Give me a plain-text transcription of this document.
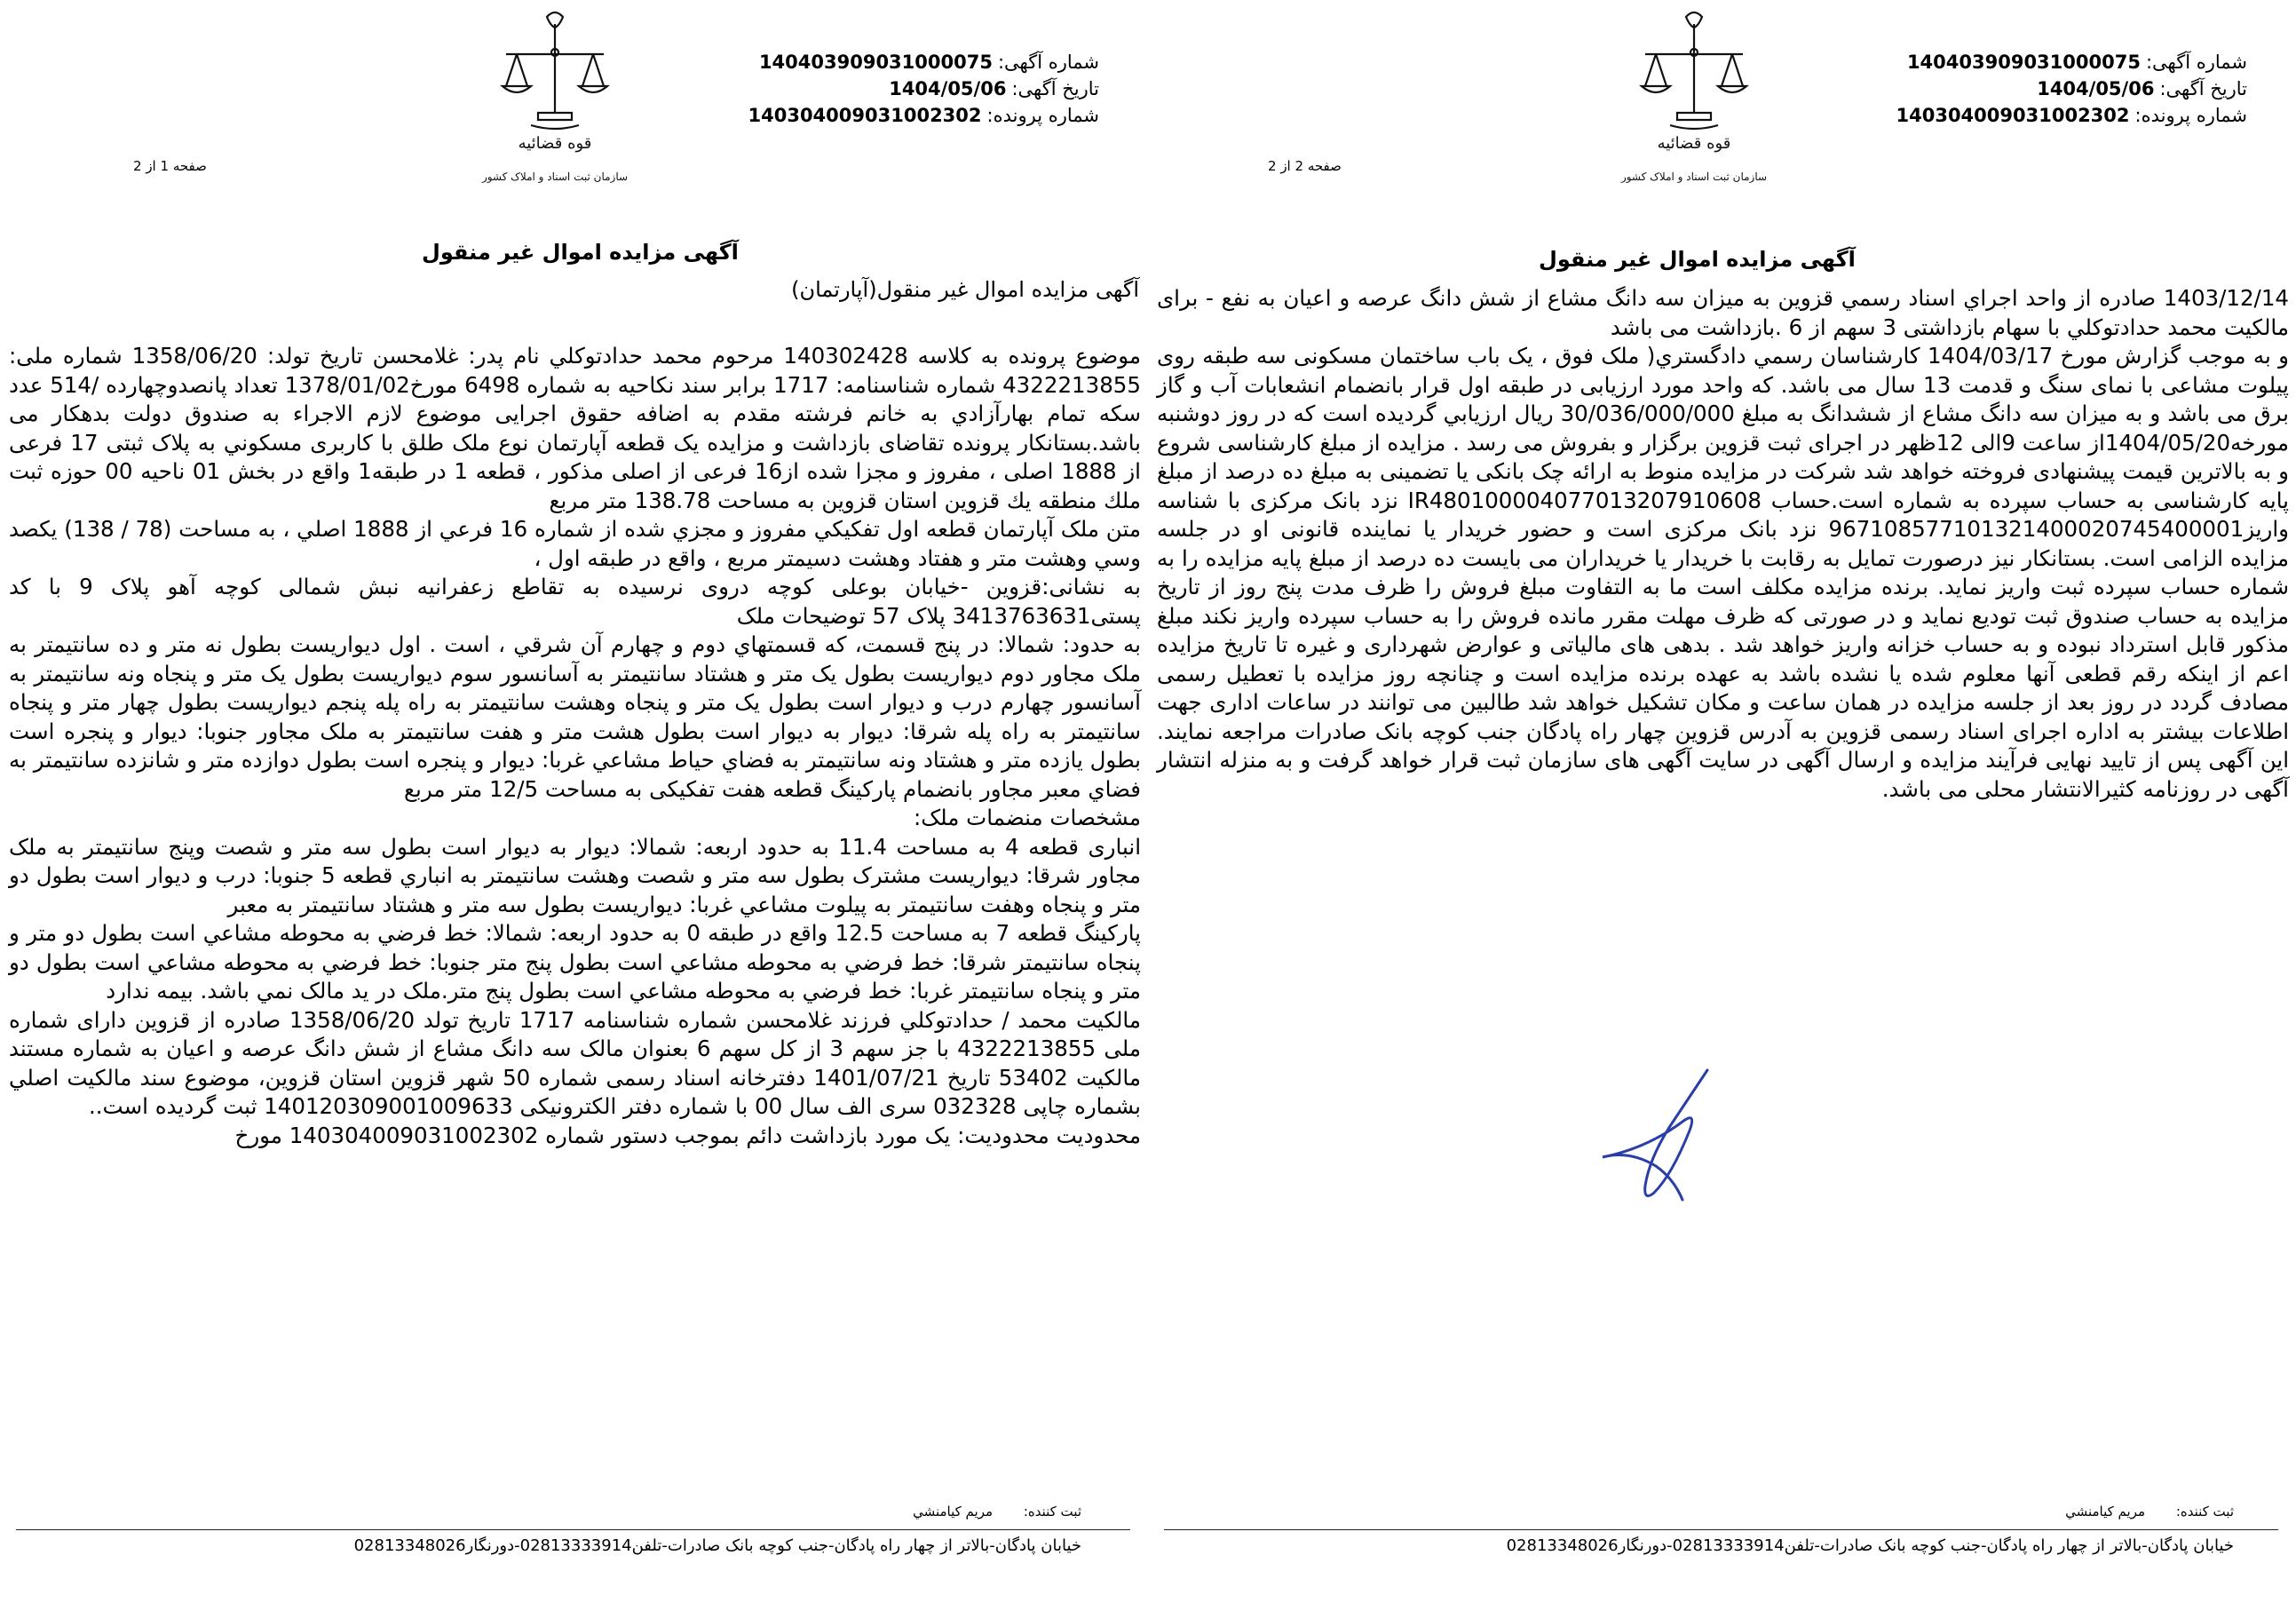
شماره آگهی:140403909031000075
تاریخ آگهی:1404/05/06
شماره پرونده:140304009031002302
قوه قضائیه
سازمان ثبت اسناد و املاک کشور
صفحه 1 از 2
آگهی مزایده اموال غیر منقول
آگهی مزایده اموال غیر منقول(آپارتمان)

موضوع پرونده به کلاسه 140302428 مرحوم محمد حدادتوکلي نام پدر: غلامحسن تاريخ تولد: 1358/06/20 شماره ملی: 4322213855 شماره شناسنامه: 1717 برابر سند نکاحیه به شماره 6498 مورخ1378/01/02 تعداد پانصدوچهارده /514 عدد سکه تمام بهارآزادي به خانم فرشته مقدم به اضافه حقوق اجرايی موضوع لازم الاجراء به صندوق دولت بدهکار می باشد.بستانکار پرونده تقاضای بازداشت و مزایده یک قطعه آپارتمان نوع ملک طلق با کاربری مسکوني به پلاک ثبتی 17 فرعی از 1888 اصلی ، مفروز و مجزا شده از16 فرعی از اصلی مذکور ، قطعه 1 در طبقه1 واقع در بخش 01 ناحیه 00 حوزه ثبت ملك منطقه يك قزوين استان قزوين به مساحت 138.78 متر مربع

متن ملک آپارتمان قطعه اول تفکیکي مفروز و مجزي شده از شماره 16 فرعي از 1888 اصلي ، به مساحت (78 / 138) يکصد وسي وهشت متر و هفتاد وهشت دسيمتر مربع ، واقع در طبقه اول ،

به نشانی:قزوین -خیابان بوعلی کوچه دروی نرسیده به تقاطع زعفرانیه نبش شمالی کوچه آهو پلاک 9 با کد پستی3413763631 پلاک 57 توضیحات ملک

به حدود: شمالا: در پنج قسمت، که قسمتهاي دوم و چهارم آن شرقي ، است . اول ديواريست بطول نه متر و ده سانتيمتر به ملک مجاور دوم ديواريست بطول يک متر و هشتاد سانتيمتر به آسانسور سوم ديواريست بطول يک متر و پنجاه ونه سانتيمتر به آسانسور چهارم درب و ديوار است بطول يک متر و پنجاه وهشت سانتيمتر به راه پله پنجم ديواريست بطول چهار متر و پنجاه سانتيمتر به راه پله شرقا: ديوار به ديوار است بطول هشت متر و هفت سانتيمتر به ملک مجاور جنوبا: ديوار و پنجره است بطول يازده متر و هشتاد ونه سانتيمتر به فضاي حياط مشاعي غربا: ديوار و پنجره است بطول دوازده متر و شانزده سانتيمتر به فضاي معبر مجاور بانضمام پارکینگ قطعه هفت تفکیکی به مساحت 12/5 متر مربع

مشخصات منضمات ملک:

انباری قطعه 4 به مساحت 11.4 به حدود اربعه: شمالا: ديوار به ديوار است بطول سه متر و شصت وپنج سانتيمتر به ملک مجاور شرقا: ديواريست مشترک بطول سه متر و شصت وهشت سانتيمتر به انباري قطعه 5 جنوبا: درب و ديوار است بطول دو متر و پنجاه وهفت سانتيمتر به پيلوت مشاعي غربا: ديواريست بطول سه متر و هشتاد سانتيمتر به معبر

پارکینگ قطعه 7 به مساحت 12.5 واقع در طبقه 0 به حدود اربعه: شمالا: خط فرضي به محوطه مشاعي است بطول دو متر و پنجاه سانتيمتر شرقا: خط فرضي به محوطه مشاعي است بطول پنج متر جنوبا: خط فرضي به محوطه مشاعي است بطول دو متر و پنجاه سانتيمتر غربا: خط فرضي به محوطه مشاعي است بطول پنج متر.ملک در يد مالک نمي باشد. بيمه ندارد

مالکیت محمد / حدادتوکلي فرزند غلامحسن شماره شناسنامه 1717 تاریخ تولد 1358/06/20 صادره از قزوین دارای شماره ملی 4322213855 با جز سهم 3 از کل سهم 6 بعنوان مالک سه دانگ مشاع از شش دانگ عرصه و اعیان به شماره مستند مالکیت 53402 تاریخ 1401/07/21 دفترخانه اسناد رسمی شماره 50 شهر قزوین استان قزوین، موضوع سند مالکیت اصلي بشماره چاپی 032328 سری الف سال 00 با شماره دفتر الکترونیکی 140120309001009633 ثبت گرديده است..

محدودیت محدودیت: یک مورد بازداشت دائم بموجب دستور شماره 140304009031002302 مورخ

ثبت کننده: مريم کيامنشي
خیابان پادگان-بالاتر از چهار راه پادگان-جنب کوچه بانک صادرات-تلفن02813333914-دورنگار02813348026
شماره آگهی:140403909031000075
تاریخ آگهی:1404/05/06
شماره پرونده:140304009031002302
قوه قضائیه
سازمان ثبت اسناد و املاک کشور
صفحه 2 از 2
آگهی مزایده اموال غیر منقول

1403/12/14 صادره از واحد اجراي اسناد رسمي قزوين به میزان سه دانگ مشاع از شش دانگ عرصه و اعیان به نفع - برای مالکیت محمد حدادتوکلي با سهام بازداشتی 3 سهم از 6 .بازداشت می باشد

و به موجب گزارش مورخ 1404/03/17 کارشناسان رسمي دادگستري( ملک فوق ، یک باب ساختمان مسکونی سه طبقه روی پیلوت مشاعی با نمای سنگ و قدمت 13 سال می باشد. که واحد مورد ارزیابی در طبقه اول قرار بانضمام انشعابات آب و گاز برق می باشد و به میزان سه دانگ مشاع از ششدانگ به مبلغ 30/036/000/000 ریال ارزيابي گرديده است که در روز دوشنبه مورخه1404/05/20از ساعت 9الی 12ظهر در اجرای ثبت قزوین برگزار و بفروش می رسد . مزایده از مبلغ کارشناسی شروع و به بالاترین قیمت پیشنهادی فروخته خواهد شد شرکت در مزایده منوط به ارائه چک بانکی یا تضمینی به مبلغ ده درصد از مبلغ پایه کارشناسی به حساب سپرده به شماره است.حساب IR480100004077013207910608 نزد بانک مرکزی با شناسه واریز967108577101321400020745400001 نزد بانک مرکزی است و حضور خریدار یا نماینده قانونی او در جلسه مزایده الزامی است. بستانکار نیز درصورت تمایل به رقابت با خریدار یا خریداران می بایست ده درصد از مبلغ پایه مزایده را به شماره حساب سپرده ثبت واریز نماید. برنده مزایده مکلف است ما به التفاوت مبلغ فروش را ظرف مدت پنج روز از تاریخ مزایده به حساب صندوق ثبت تودیع نماید و در صورتی که ظرف مهلت مقرر مانده فروش را به حساب سپرده واریز نکند مبلغ مذکور قابل استرداد نبوده و به حساب خزانه واریز خواهد شد . بدهی های مالیاتی و عوارض شهرداری و غیره تا تاریخ مزایده اعم از اینکه رقم قطعی آنها معلوم شده یا نشده باشد به عهده برنده مزایده است و چنانچه روز مزایده با تعطیل رسمی مصادف گردد در روز بعد از جلسه مزایده در همان ساعت و مکان تشکیل خواهد شد طالبین می توانند در ساعات اداری جهت اطلاعات بیشتر به اداره اجرای اسناد رسمی قزوین به آدرس قزوین چهار راه پادگان جنب کوچه بانک صادرات مراجعه نمایند. این آگهی پس از تایید نهایی فرآیند مزایده و ارسال آگهی در سایت آگهی های سازمان ثبت قرار خواهد گرفت و به منزله انتشار آگهی در روزنامه کثیرالانتشار محلی می باشد.

ثبت کننده: مريم کيامنشي
خیابان پادگان-بالاتر از چهار راه پادگان-جنب کوچه بانک صادرات-تلفن02813333914-دورنگار02813348026
